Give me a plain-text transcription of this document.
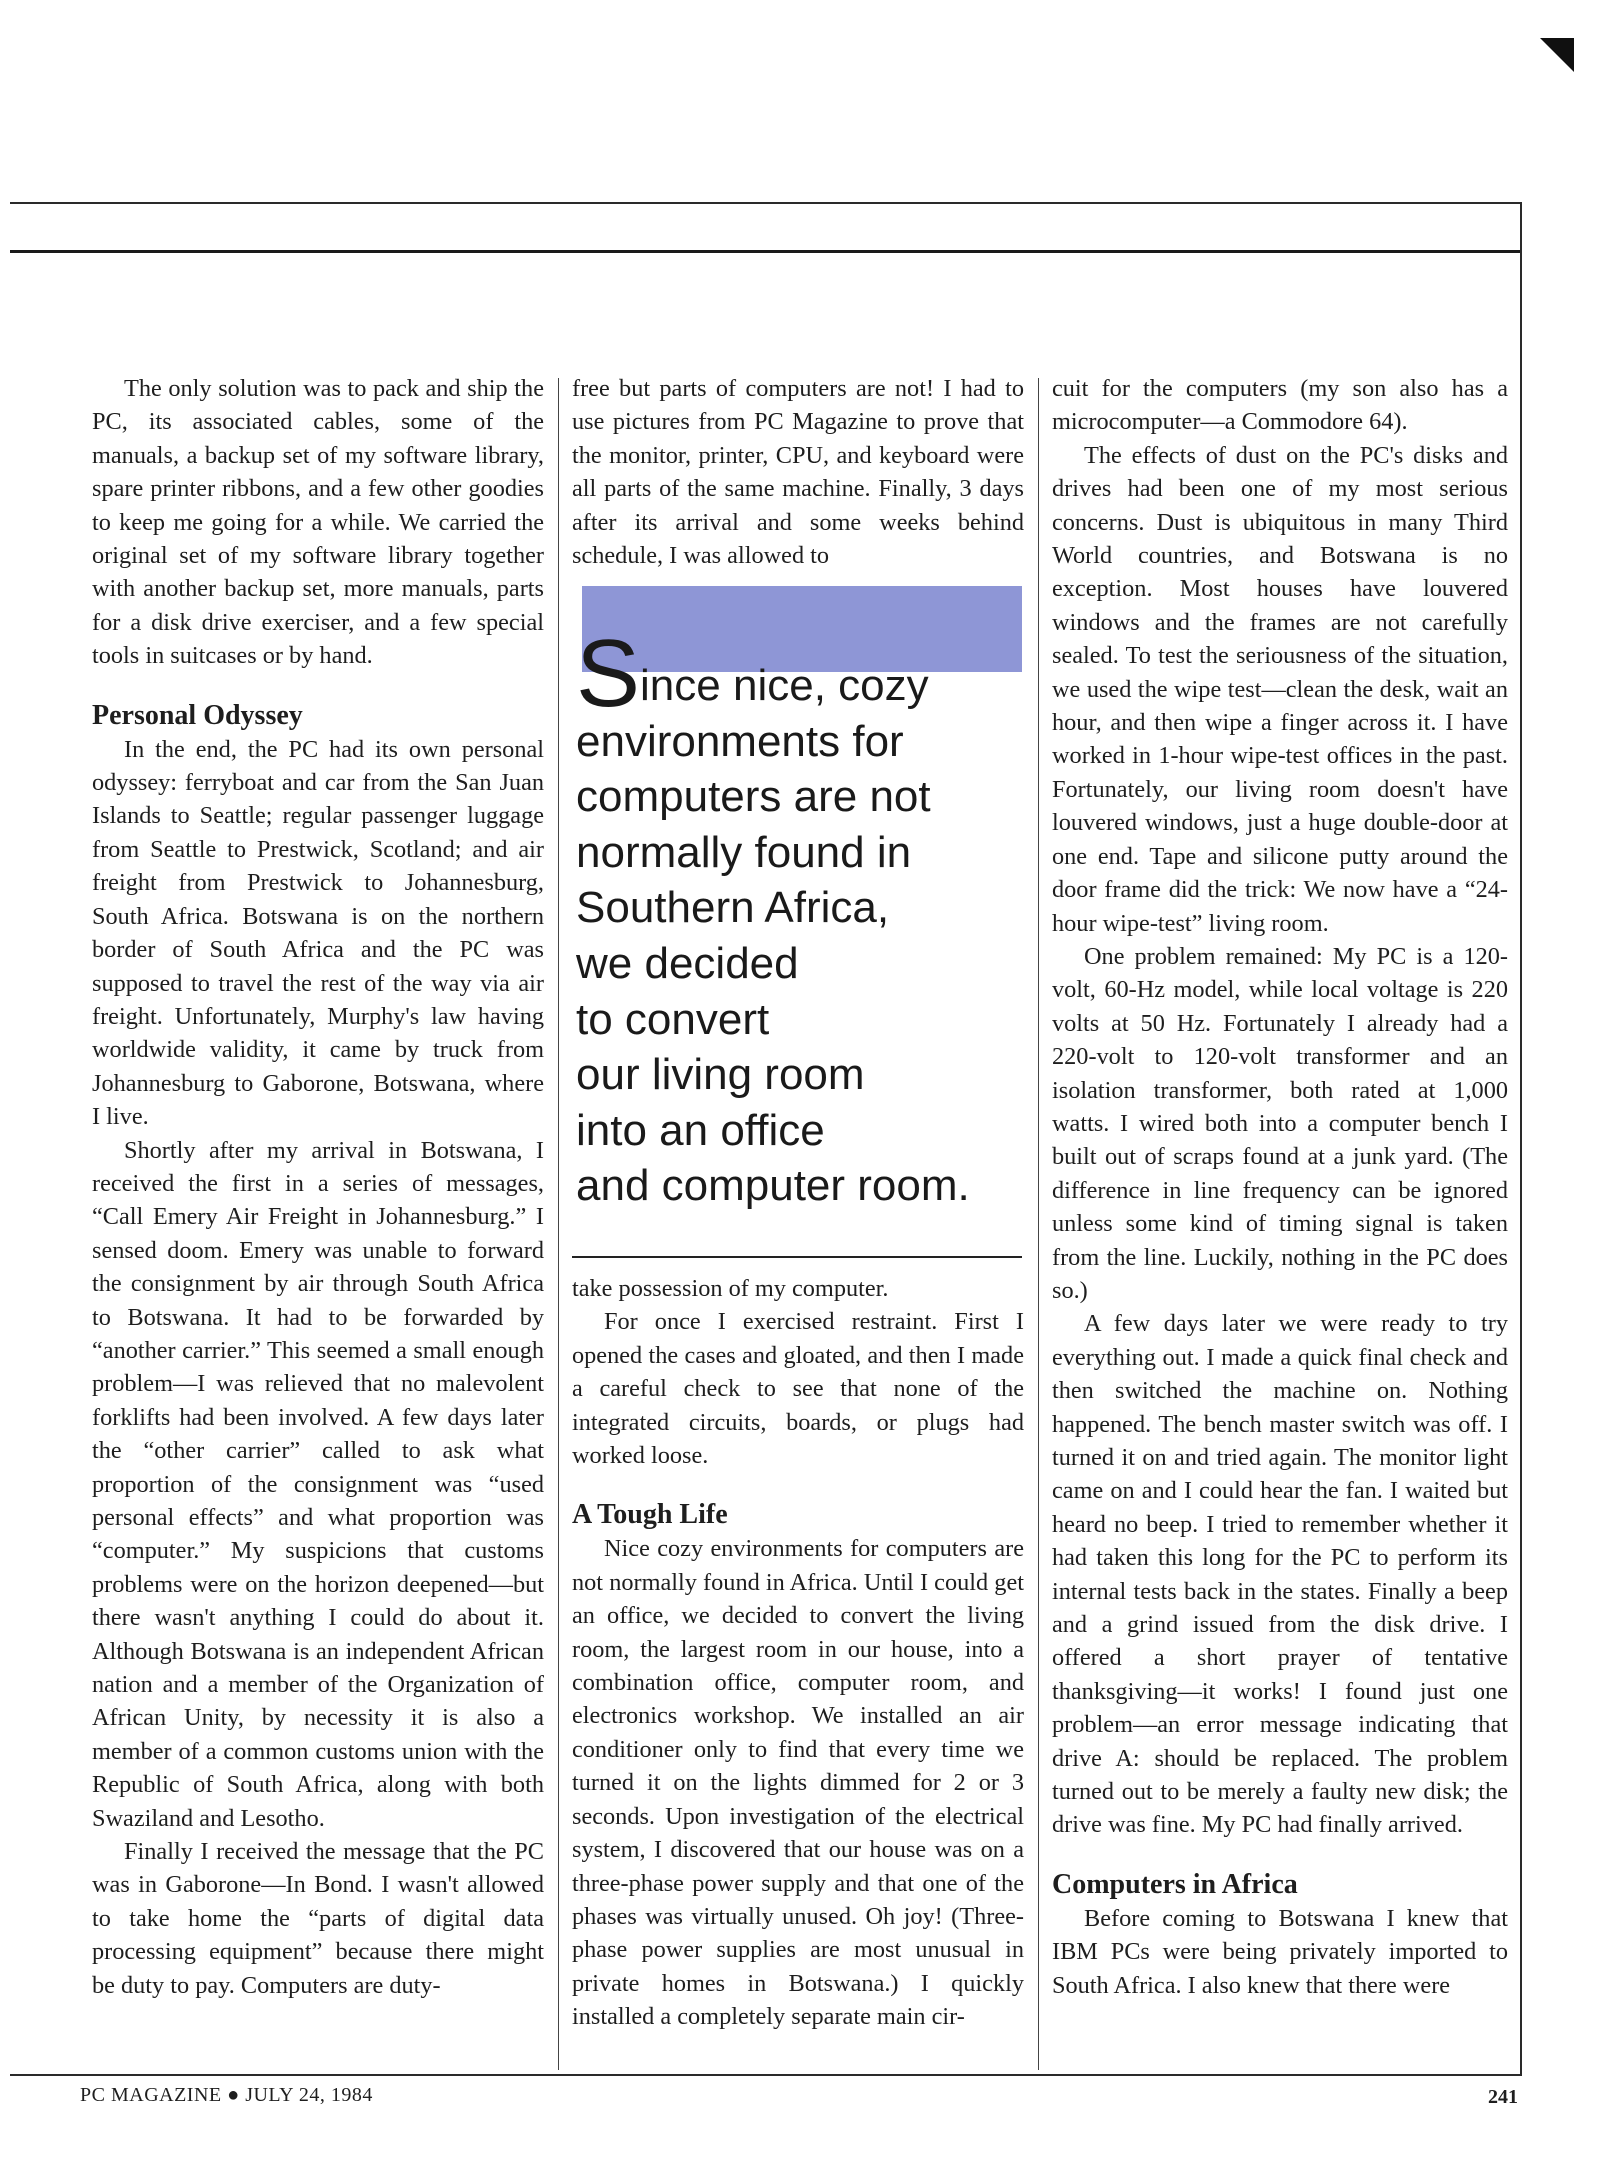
The only solution was to pack and ship the PC, its associated cables, some of the manuals, a backup set of my software library, spare printer ribbons, and a few other goodies to keep me going for a while. We carried the original set of my software library together with another backup set, more manuals, parts for a disk drive exerciser, and a few special tools in suitcases or by hand.

Personal Odyssey

In the end, the PC had its own personal odyssey: ferryboat and car from the San Juan Islands to Seattle; regular passenger luggage from Seattle to Prestwick, Scotland; and air freight from Prestwick to Johannesburg, South Africa. Botswana is on the northern border of South Africa and the PC was supposed to travel the rest of the way via air freight. Unfortunately, Murphy's law having worldwide validity, it came by truck from Johannesburg to Gaborone, Botswana, where I live.

Shortly after my arrival in Botswana, I received the first in a series of messages, “Call Emery Air Freight in Johannesburg.” I sensed doom. Emery was unable to forward the consignment by air through South Africa to Botswana. It had to be forwarded by “another carrier.” This seemed a small enough problem—I was relieved that no malevolent forklifts had been involved. A few days later the “other carrier” called to ask what proportion of the consignment was “used personal effects” and what proportion was “computer.” My suspicions that customs problems were on the horizon deepened—but there wasn't anything I could do about it. Although Botswana is an independent African nation and a member of the Organization of African Unity, by necessity it is also a member of a common customs union with the Republic of South Africa, along with both Swaziland and Lesotho.

Finally I received the message that the PC was in Gaborone—In Bond. I wasn't allowed to take home the “parts of digital data processing equipment” because there might be duty to pay. Computers are duty-

free but parts of computers are not! I had to use pictures from PC Magazine to prove that the monitor, printer, CPU, and keyboard were all parts of the same machine. Finally, 3 days after its arrival and some weeks behind schedule, I was allowed to

Since nice, cozy
environments for
computers are not
normally found in
Southern Africa,
we decided
to convert
our living room
into an office
and computer room.

take possession of my computer.

For once I exercised restraint. First I opened the cases and gloated, and then I made a careful check to see that none of the integrated circuits, boards, or plugs had worked loose.

A Tough Life

Nice cozy environments for computers are not normally found in Africa. Until I could get an office, we decided to convert the living room, the largest room in our house, into a combination office, computer room, and electronics workshop. We installed an air conditioner only to find that every time we turned it on the lights dimmed for 2 or 3 seconds. Upon investigation of the electrical system, I discovered that our house was on a three-phase power supply and that one of the phases was virtually unused. Oh joy! (Three-phase power supplies are most unusual in private homes in Botswana.) I quickly installed a completely separate main cir-

cuit for the computers (my son also has a microcomputer—a Commodore 64).

The effects of dust on the PC's disks and drives had been one of my most serious concerns. Dust is ubiquitous in many Third World countries, and Botswana is no exception. Most houses have louvered windows and the frames are not carefully sealed. To test the seriousness of the situation, we used the wipe test—clean the desk, wait an hour, and then wipe a finger across it. I have worked in 1-hour wipe-test offices in the past. Fortunately, our living room doesn't have louvered windows, just a huge double-door at one end. Tape and silicone putty around the door frame did the trick: We now have a “24-hour wipe-test” living room.

One problem remained: My PC is a 120-volt, 60-Hz model, while local voltage is 220 volts at 50 Hz. Fortunately I already had a 220-volt to 120-volt transformer and an isolation transformer, both rated at 1,000 watts. I wired both into a computer bench I built out of scraps found at a junk yard. (The difference in line frequency can be ignored unless some kind of timing signal is taken from the line. Luckily, nothing in the PC does so.)

A few days later we were ready to try everything out. I made a quick final check and then switched the machine on. Nothing happened. The bench master switch was off. I turned it on and tried again. The monitor light came on and I could hear the fan. I waited but heard no beep. I tried to remember whether it had taken this long for the PC to perform its internal tests back in the states. Finally a beep and a grind issued from the disk drive. I offered a short prayer of tentative thanksgiving—it works! I found just one problem—an error message indicating that drive A: should be replaced. The problem turned out to be merely a faulty new disk; the drive was fine. My PC had finally arrived.

Computers in Africa

Before coming to Botswana I knew that IBM PCs were being privately imported to South Africa. I also knew that there were

PC MAGAZINE ● JULY 24, 1984	241
